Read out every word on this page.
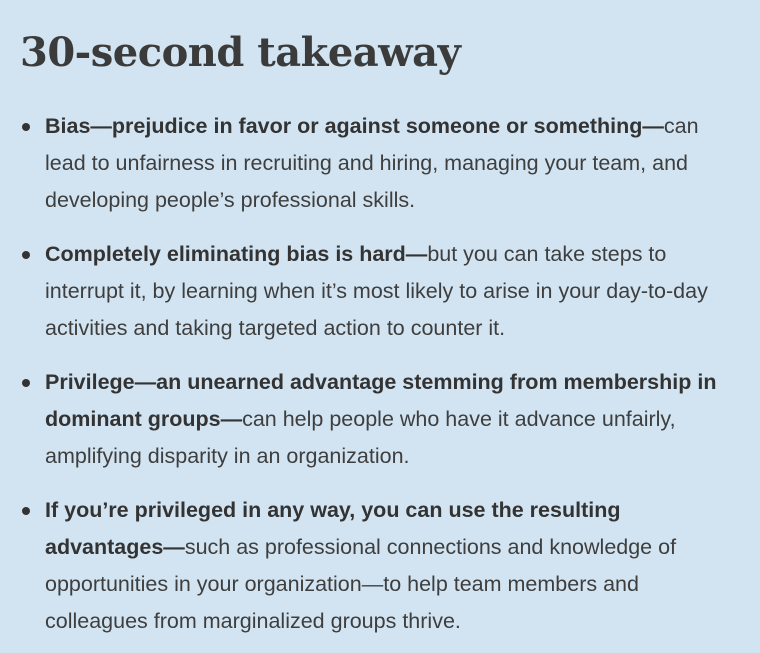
30-second takeaway
Bias—prejudice in favor or against someone or something—can lead to unfairness in recruiting and hiring, managing your team, and developing people’s professional skills.
Completely eliminating bias is hard—but you can take steps to interrupt it, by learning when it’s most likely to arise in your day-to-day activities and taking targeted action to counter it.
Privilege—an unearned advantage stemming from membership in dominant groups—can help people who have it advance unfairly, amplifying disparity in an organization.
If you’re privileged in any way, you can use the resulting advantages—such as professional connections and knowledge of opportunities in your organization—to help team members and colleagues from marginalized groups thrive.
